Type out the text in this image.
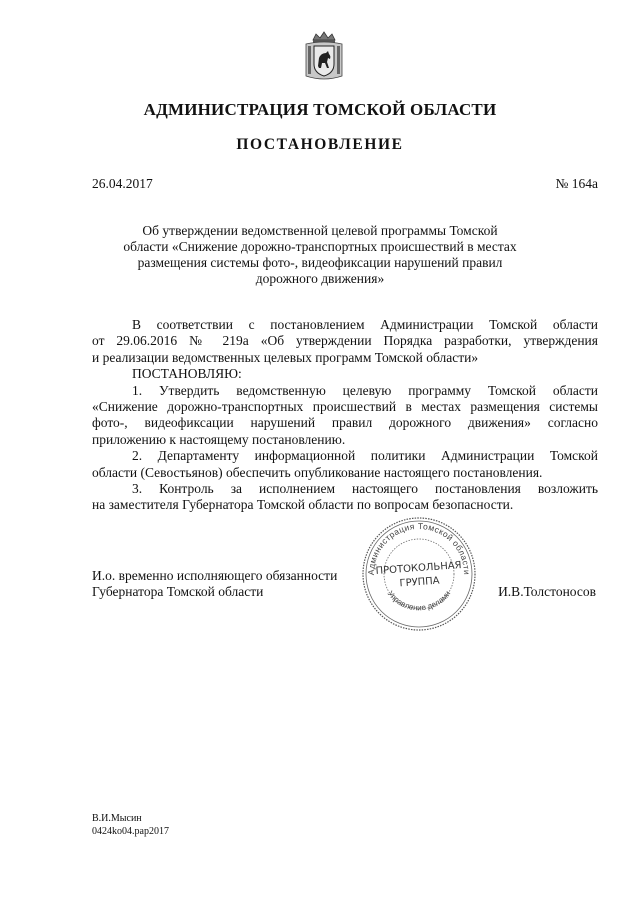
АДМИНИСТРАЦИЯ ТОМСКОЙ ОБЛАСТИ
ПОСТАНОВЛЕНИЕ
26.04.2017	№ 164а
Об утверждении ведомственной целевой программы Томской
области «Снижение дорожно-транспортных происшествий в местах
размещения системы фото-, видеофиксации нарушений правил
дорожного движения»
В соответствии с постановлением Администрации Томской области
от 29.06.2016 № 219а «Об утверждении Порядка разработки, утверждения
и реализации ведомственных целевых программ Томской области»
ПОСТАНОВЛЯЮ:
1. Утвердить ведомственную целевую программу Томской области
«Снижение дорожно-транспортных происшествий в местах размещения системы
фото-, видеофиксации нарушений правил дорожного движения» согласно
приложению к настоящему постановлению.
2. Департаменту информационной политики Администрации Томской
области (Севостьянов) обеспечить опубликование настоящего постановления.
3. Контроль за исполнением настоящего постановления возложить
на заместителя Губернатора Томской области по вопросам безопасности.
Администрация Томской области
Управление делами
ПРОТОКОЛЬНАЯ
ГРУППА
И.о. временно исполняющего обязанности
Губернатора Томской области	И.В.Толстоносов
В.И.Мысин
0424ko04.pap2017
